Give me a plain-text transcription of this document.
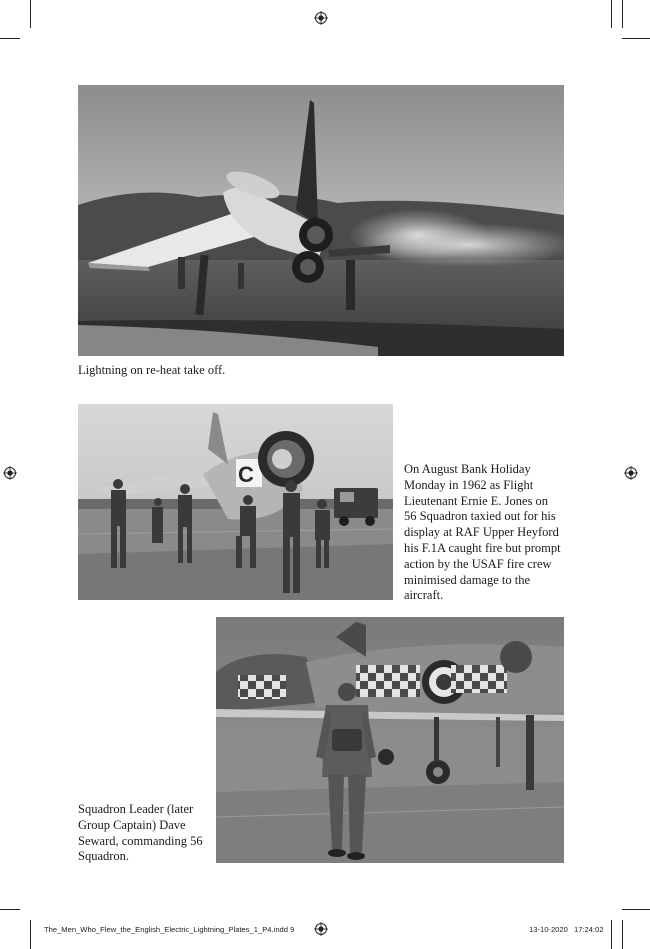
Lightning on re-heat take off.
C	On August Bank Holiday Monday in 1962 as Flight Lieutenant Ernie E. Jones on 56 Squadron taxied out for his display at RAF Upper Heyford his F.1A caught fire but prompt action by the USAF fire crew minimised damage to the aircraft.
Squadron Leader (later Group Captain) Dave Seward, commanding 56 Squadron.
The_Men_Who_Flew_the_English_Electric_Lightning_Plates_1_P4.indd 9	13-10-2020 17:24:02
